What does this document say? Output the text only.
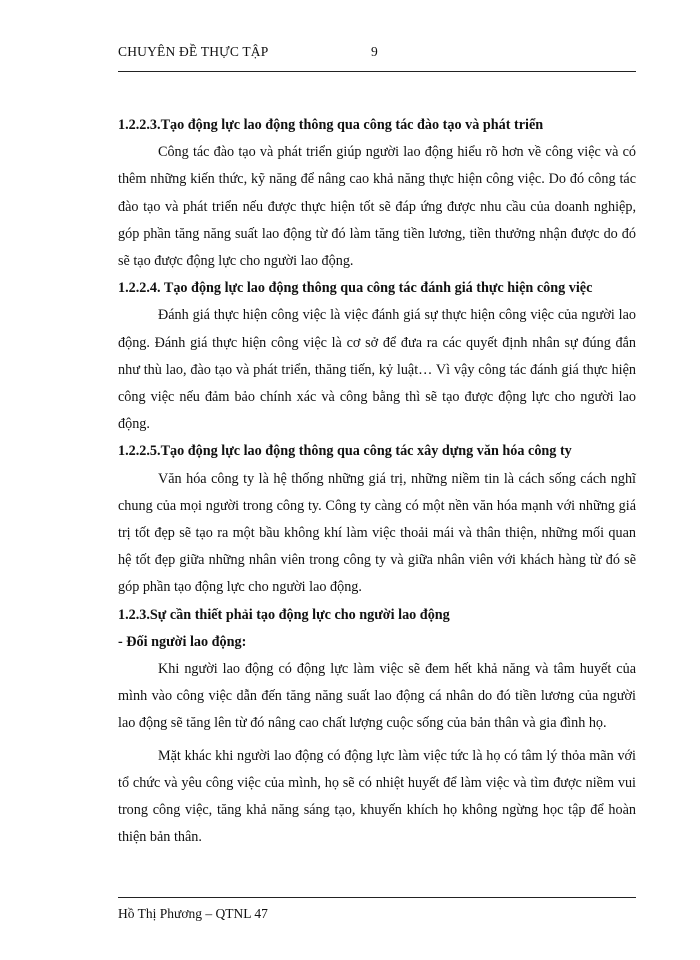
CHUYÊN ĐỀ THỰC TẬP	9

1.2.2.3.Tạo động lực lao động thông qua công tác đào tạo và phát triển

Công tác đào tạo và phát triển giúp người lao động hiểu rõ hơn về công việc và có thêm những kiến thức, kỹ năng để nâng cao khả năng thực hiện công việc. Do đó công tác đào tạo và phát triển nếu được thực hiện tốt sẽ đáp ứng được nhu cầu của doanh nghiệp, góp phần tăng năng suất lao động từ đó làm tăng tiền lương, tiền thưởng nhận được do đó sẽ tạo được động lực cho người lao động.

1.2.2.4. Tạo động lực lao động thông qua công tác đánh giá thực hiện công việc

Đánh giá thực hiện công việc là việc đánh giá sự thực hiện công việc của người lao động. Đánh giá thực hiện công việc là cơ sở để đưa ra các quyết định nhân sự đúng đắn như thù lao, đào tạo và phát triển, thăng tiến, kỷ luật… Vì vậy công tác đánh giá thực hiện công việc nếu đảm bảo chính xác và công bằng thì sẽ tạo được động lực cho người lao động.

1.2.2.5.Tạo động lực lao động thông qua công tác xây dựng văn hóa công ty

Văn hóa công ty là hệ thống những giá trị, những niềm tin là cách sống cách nghĩ chung của mọi người trong công ty. Công ty càng có một nền văn hóa mạnh với những giá trị tốt đẹp sẽ tạo ra một bầu không khí làm việc thoải mái và thân thiện, những mối quan hệ tốt đẹp giữa những nhân viên trong công ty và giữa nhân viên với khách hàng từ đó sẽ góp phần tạo động lực cho người lao động.

1.2.3.Sự cần thiết phải tạo động lực cho người lao động

- Đối người lao động:

Khi người lao động có động lực làm việc sẽ đem hết khả năng và tâm huyết của mình vào công việc dẫn đến tăng năng suất lao động cá nhân do đó tiền lương của người lao động sẽ tăng lên từ đó nâng cao chất lượng cuộc sống của bản thân và gia đình họ.

Mặt khác khi người lao động có động lực làm việc tức là họ có tâm lý thỏa mãn với tổ chức và yêu công việc của mình, họ sẽ có nhiệt huyết để làm việc và tìm được niềm vui trong công việc, tăng khả năng sáng tạo, khuyến khích họ không ngừng học tập để hoàn thiện bản thân.

Hồ Thị Phương – QTNL 47
